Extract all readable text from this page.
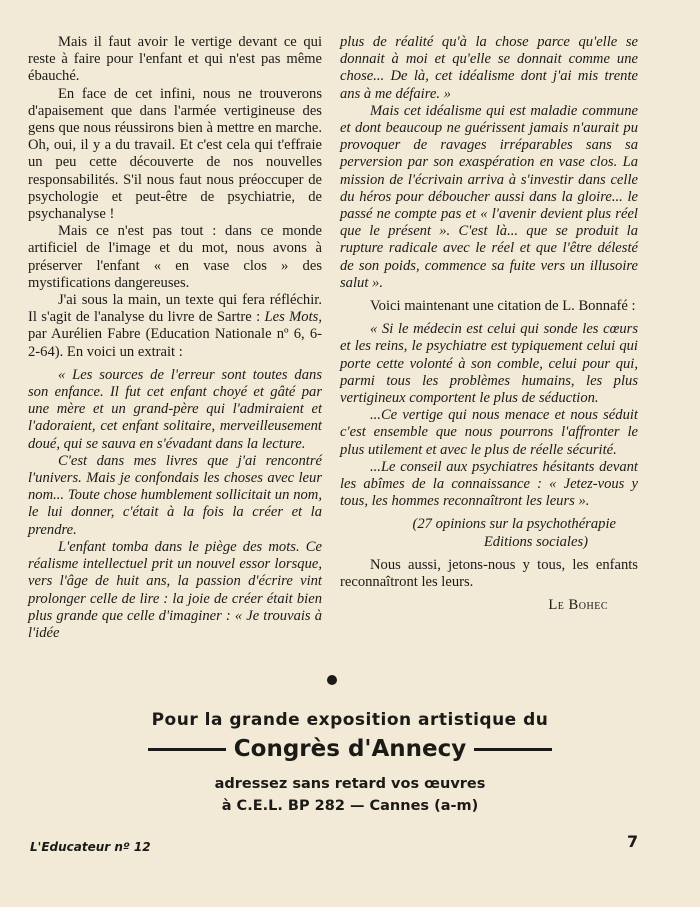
Mais il faut avoir le vertige devant ce qui reste à faire pour l'enfant et qui n'est pas même ébauché.

En face de cet infini, nous ne trouverons d'apaisement que dans l'armée vertigineuse des gens que nous réussirons bien à mettre en marche. Oh, oui, il y a du travail. Et c'est cela qui t'effraie un peu cette découverte de nos nouvelles responsabilités. S'il nous faut nous préoccuper de psychologie et peut-être de psychiatrie, de psychanalyse !

Mais ce n'est pas tout : dans ce monde artificiel de l'image et du mot, nous avons à préserver l'enfant « en vase clos » des mystifications dangereuses.

J'ai sous la main, un texte qui fera réfléchir. Il s'agit de l'analyse du livre de Sartre : Les Mots, par Aurélien Fabre (Education Nationale nº 6, 6-2-64). En voici un extrait :

« Les sources de l'erreur sont toutes dans son enfance. Il fut cet enfant choyé et gâté par une mère et un grand-père qui l'admiraient et l'adoraient, cet enfant solitaire, merveilleusement doué, qui se sauva en s'évadant dans la lecture.

C'est dans mes livres que j'ai rencontré l'univers. Mais je confondais les choses avec leur nom... Toute chose humblement sollicitait un nom, le lui donner, c'était à la fois la créer et la prendre.

L'enfant tomba dans le piège des mots. Ce réalisme intellectuel prit un nouvel essor lorsque, vers l'âge de huit ans, la passion d'écrire vint prolonger celle de lire : la joie de créer était bien plus grande que celle d'imaginer : « Je trouvais à l'idée

plus de réalité qu'à la chose parce qu'elle se donnait à moi et qu'elle se donnait comme une chose... De là, cet idéalisme dont j'ai mis trente ans à me défaire. »

Mais cet idéalisme qui est maladie commune et dont beaucoup ne guérissent jamais n'aurait pu provoquer de ravages irréparables sans sa perversion par son exaspération en vase clos. La mission de l'écrivain arriva à s'investir dans celle du héros pour déboucher aussi dans la gloire... le passé ne compte pas et « l'avenir devient plus réel que le présent ». C'est là... que se produit la rupture radicale avec le réel et que l'être délesté de son poids, commence sa fuite vers un illusoire salut ».

Voici maintenant une citation de L. Bonnafé :

« Si le médecin est celui qui sonde les cœurs et les reins, le psychiatre est typiquement celui qui porte cette volonté à son comble, celui pour qui, parmi tous les problèmes humains, les plus vertigineux comportent le plus de séduction.

...Ce vertige qui nous menace et nous séduit c'est ensemble que nous pourrons l'affronter le plus utilement et avec le plus de réelle sécurité.

...Le conseil aux psychiatres hésitants devant les abîmes de la connaissance : « Jetez-vous y tous, les hommes reconnaîtront les leurs ».

(27 opinions sur la psychothérapie

Editions sociales)

Nous aussi, jetons-nous y tous, les enfants reconnaîtront les leurs.

Le Bohec

Pour la grande exposition artistique du
Congrès d'Annecy
adressez sans retard vos œuvres
à C.E.L. BP 282 — Cannes (a-m)
L'Educateur nº 12	7
